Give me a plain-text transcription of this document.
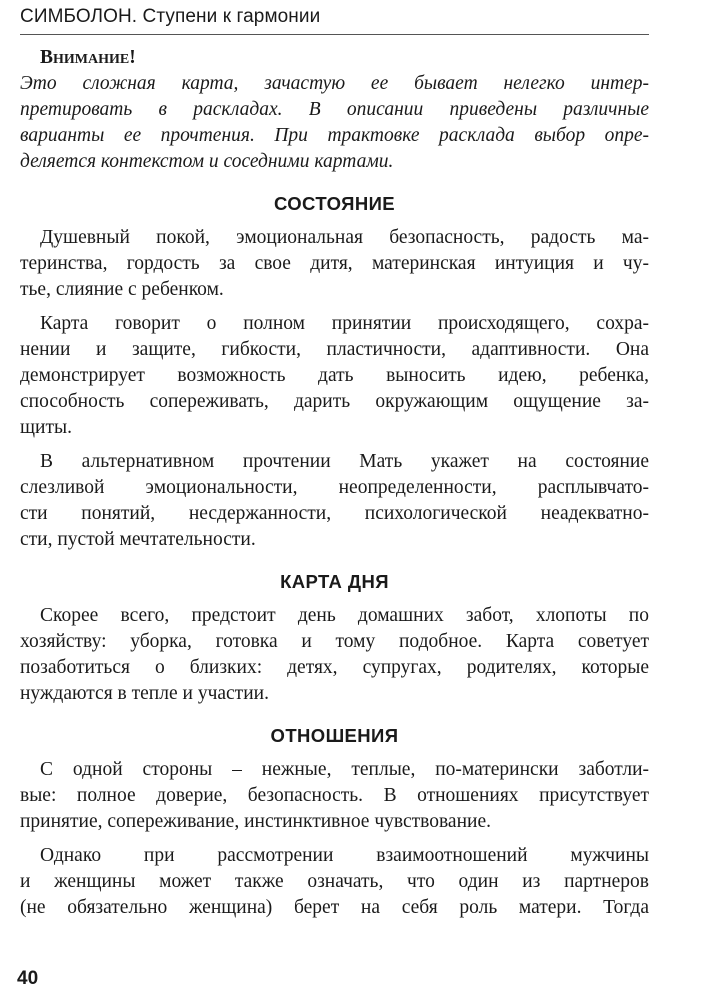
СИМБОЛОН. Ступени к гармонии
Внимание!
Это сложная карта, зачастую ее бывает нелегко интер-
претировать в раскладах. В описании приведены различные
варианты ее прочтения. При трактовке расклада выбор опре-
деляется контекстом и соседними картами.
СОСТОЯНИЕ
Душевный покой, эмоциональная безопасность, радость ма-
теринства, гордость за свое дитя, материнская интуиция и чу-
тье, слияние с ребенком.
Карта говорит о полном принятии происходящего, сохра-
нении и защите, гибкости, пластичности, адаптивности. Она
демонстрирует возможность дать выносить идею, ребенка,
способность сопереживать, дарить окружающим ощущение за-
щиты.
В альтернативном прочтении Мать укажет на состояние
слезливой эмоциональности, неопределенности, расплывчато-
сти понятий, несдержанности, психологической неадекватно-
сти, пустой мечтательности.
КАРТА ДНЯ
Скорее всего, предстоит день домашних забот, хлопоты по
хозяйству: уборка, готовка и тому подобное. Карта советует
позаботиться о близких: детях, супругах, родителях, которые
нуждаются в тепле и участии.
ОТНОШЕНИЯ
С одной стороны – нежные, теплые, по-матерински заботли-
вые: полное доверие, безопасность. В отношениях присутствует
принятие, сопереживание, инстинктивное чувствование.
Однако при рассмотрении взаимоотношений мужчины
и женщины может также означать, что один из партнеров
(не обязательно женщина) берет на себя роль матери. Тогда
40
